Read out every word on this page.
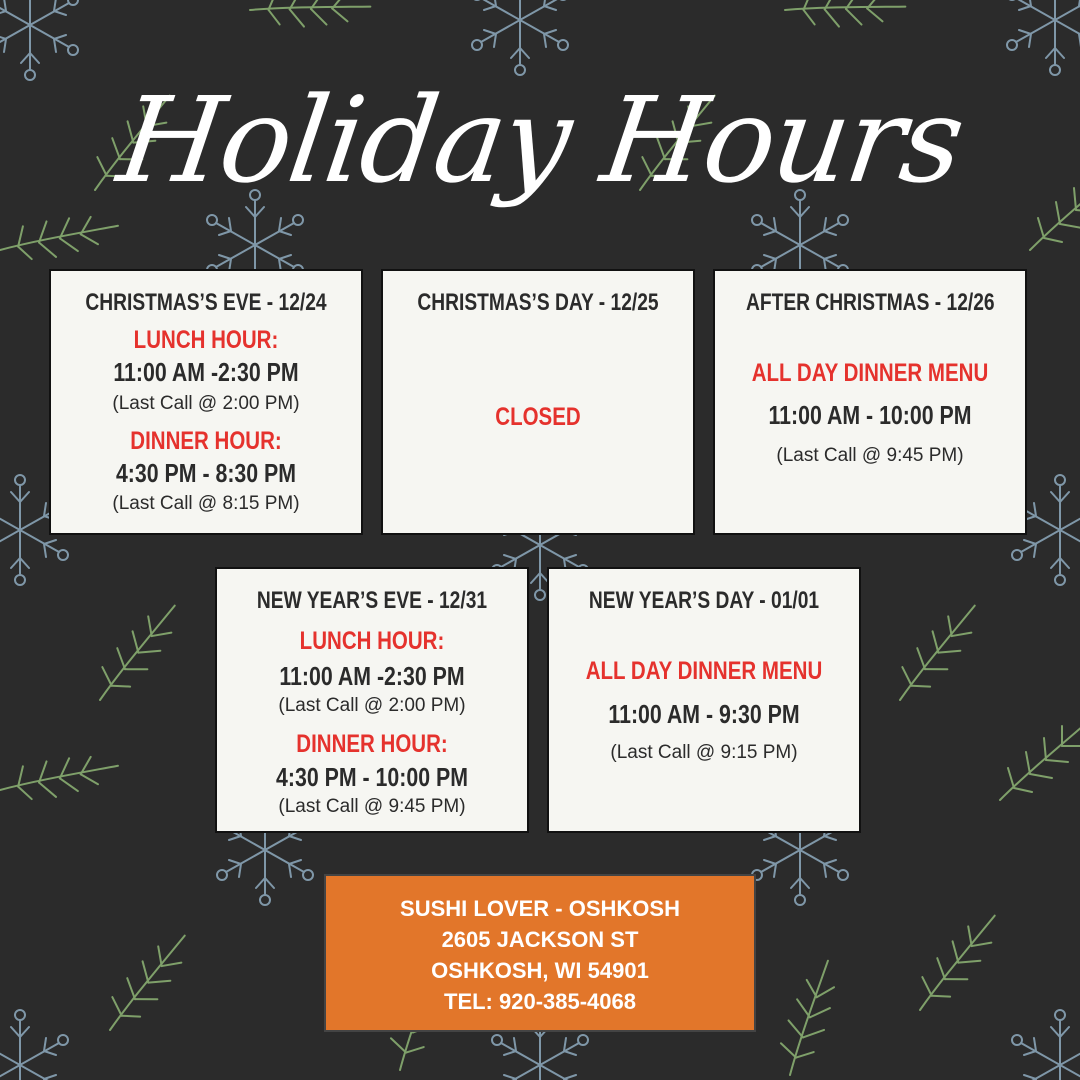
Holiday Hours
CHRISTMAS’S EVE - 12/24
LUNCH HOUR:
11:00 AM -2:30 PM
(Last Call @ 2:00 PM)
DINNER HOUR:
4:30 PM - 8:30 PM
(Last Call @ 8:15 PM)
CHRISTMAS’S DAY - 12/25
CLOSED
AFTER CHRISTMAS - 12/26
ALL DAY DINNER MENU
11:00 AM - 10:00 PM
(Last Call @ 9:45 PM)
NEW YEAR’S EVE - 12/31
LUNCH HOUR:
11:00 AM -2:30 PM
(Last Call @ 2:00 PM)
DINNER HOUR:
4:30 PM - 10:00 PM
(Last Call @ 9:45 PM)
NEW YEAR’S DAY - 01/01
ALL DAY DINNER MENU
11:00 AM - 9:30 PM
(Last Call @ 9:15 PM)
SUSHI LOVER - OSHKOSH
2605 JACKSON ST
OSHKOSH, WI 54901
TEL: 920-385-4068
